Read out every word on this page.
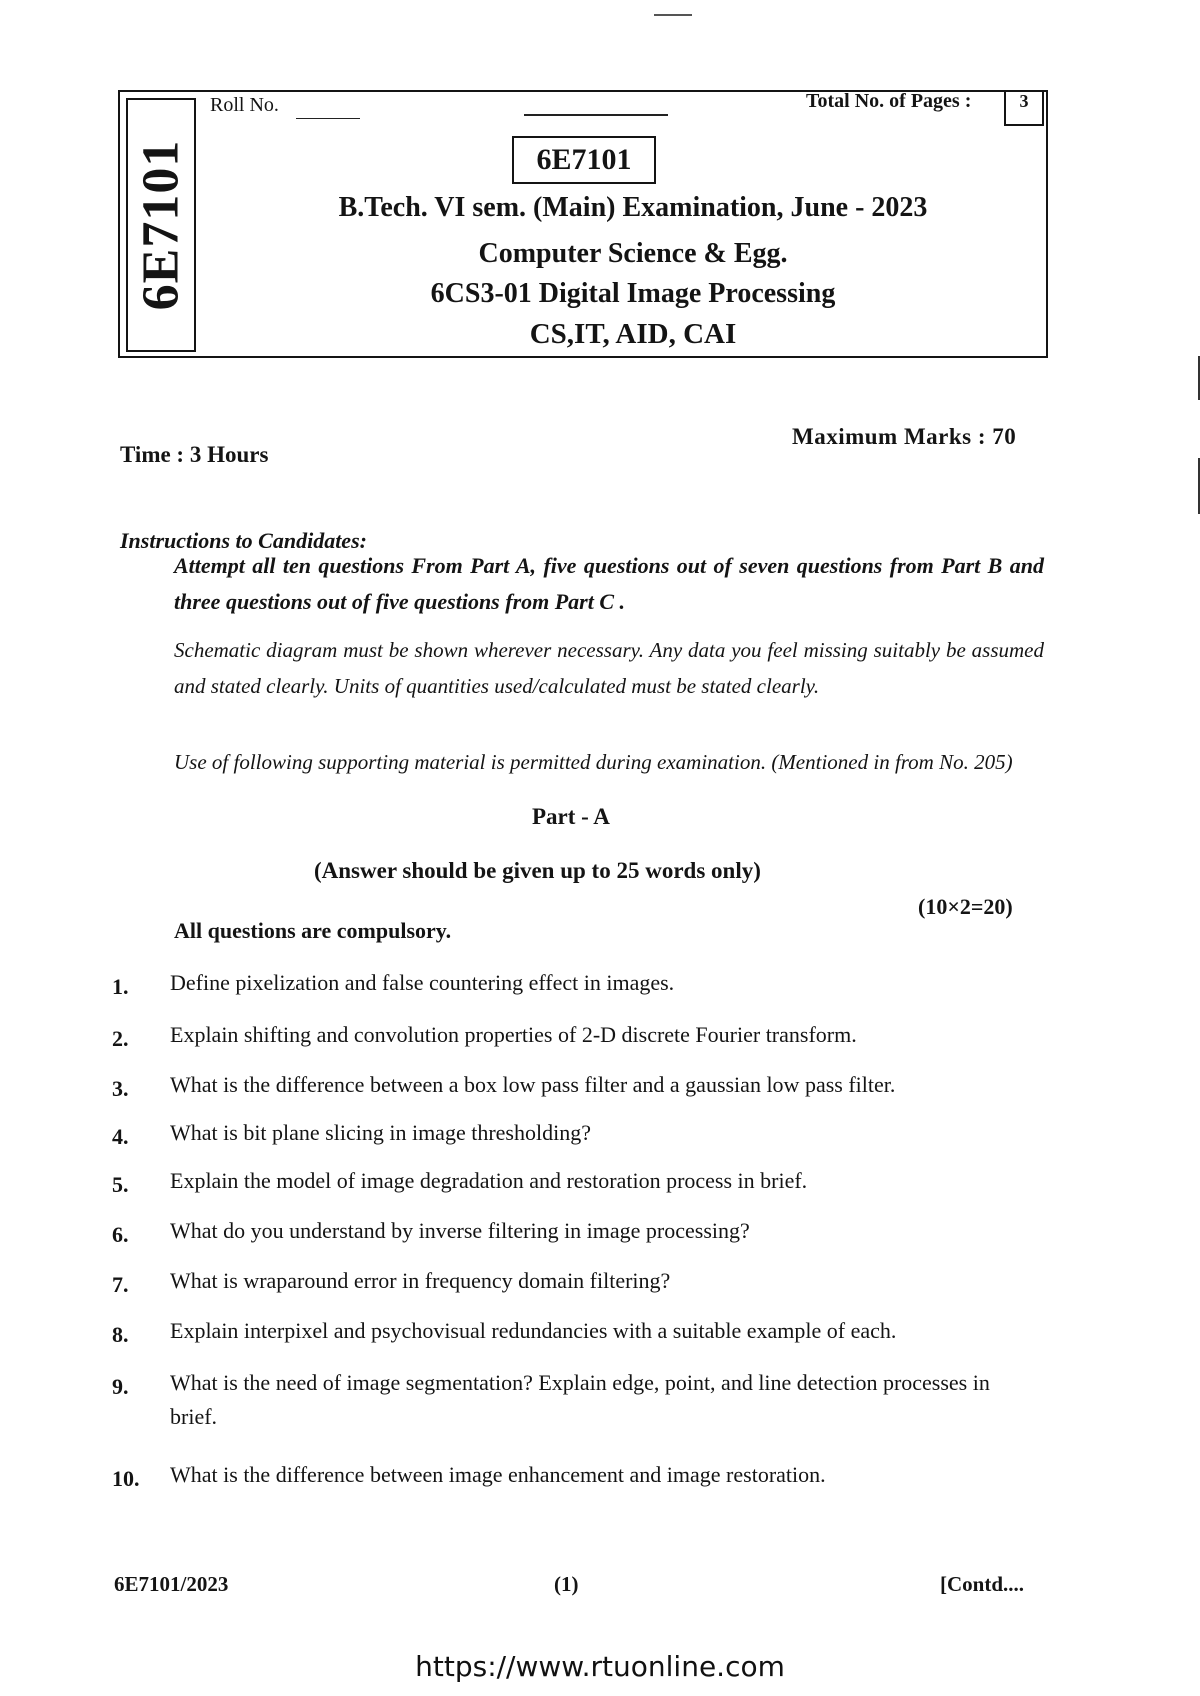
6E7101
Roll No.	Total No. of Pages :	3
6E7101
B.Tech. VI sem. (Main) Examination, June - 2023
Computer Science & Egg.
6CS3-01 Digital Image Processing
CS,IT, AID, CAI
Time : 3 Hours
Maximum Marks : 70
Instructions to Candidates:
Attempt all ten questions From Part A, five questions out of seven questions from Part B and three questions out of five questions from Part C .
Schematic diagram must be shown wherever necessary. Any data you feel missing suitably be assumed and stated clearly. Units of quantities used/calculated must be stated clearly.
Use of following supporting material is permitted during examination. (Mentioned in from No. 205)
Part - A
(Answer should be given up to 25 words only)
(10×2=20)
All questions are compulsory.
1.	Define pixelization and false countering effect in images.
2.	Explain shifting and convolution properties of 2-D discrete Fourier transform.
3.	What is the difference between a box low pass filter and a gaussian low pass filter.
4.	What is bit plane slicing in image thresholding?
5.	Explain the model of image degradation and restoration process in brief.
6.	What do you understand by inverse filtering in image processing?
7.	What is wraparound error in frequency domain filtering?
8.	Explain interpixel and psychovisual redundancies with a suitable example of each.
9.	What is the need of image segmentation? Explain edge, point, and line detection processes in brief.
10.	What is the difference between image enhancement and image restoration.
6E7101/2023	(1)	[Contd....
https://www.rtuonline.com
